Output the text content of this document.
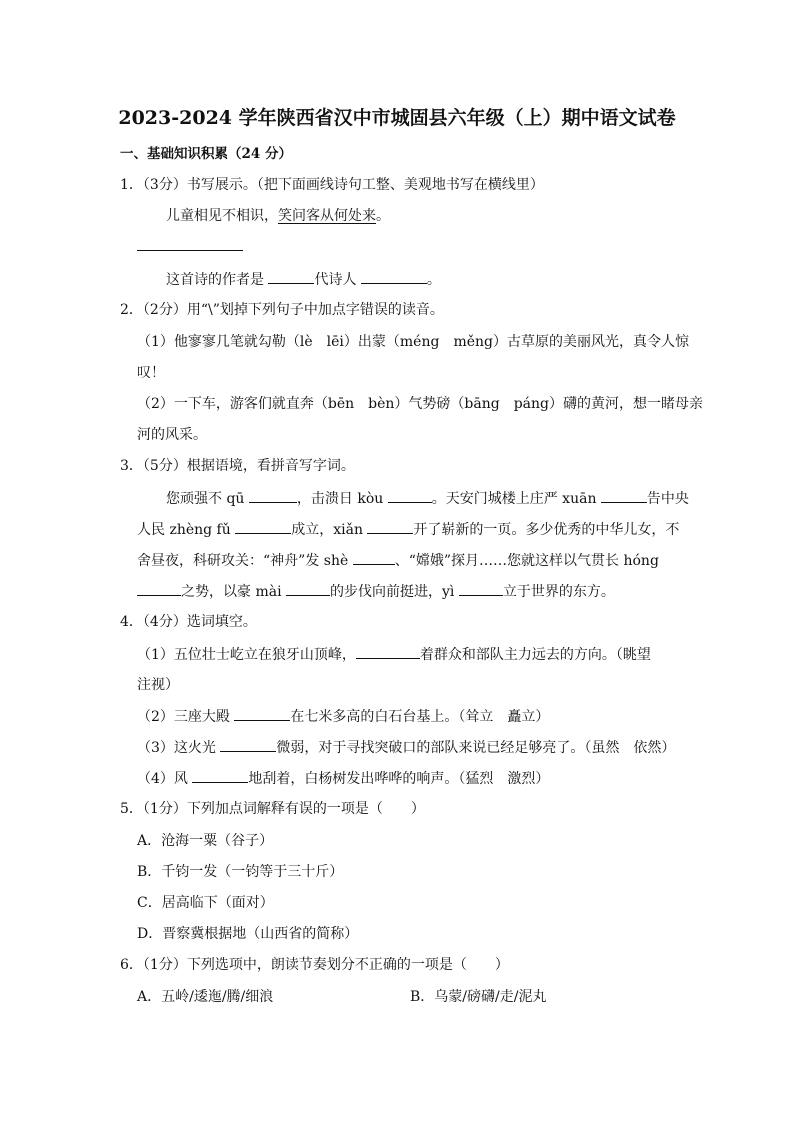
2023-2024 学年陕西省汉中市城固县六年级（上）期中语文试卷
一、基础知识积累（24 分）
1．（3分）书写展示。（把下面画线诗句工整、美观地书写在横线里）
儿童相见不相识，笑问客从何处来。
这首诗的作者是	代诗人	。
2．（2分）用“\”划掉下列句子中加点字错误的读音。
（1）他寥寥几笔就勾勒（lè　lēi）出蒙（méng　měng）古草原的美丽风光，真令人惊
叹！
（2）一下车，游客们就直奔（bēn　bèn）气势磅（bāng　páng）礴的黄河，想一睹母亲
河的风采。
3．（5分）根据语境，看拼音写字词。
您顽强不 qū	，击溃日 kòu	。天安门城楼上庄严 xuān	告中央
人民 zhèng fǔ	成立，xiǎn	开了崭新的一页。多少优秀的中华儿女，不
舍昼夜，科研攻关：“神舟”发 shè	、“嫦娥”探月……您就这样以气贯长 hóng
之势，以豪 mài	的步伐向前挺进，yì	立于世界的东方。
4．（4分）选词填空。
（1）五位壮士屹立在狼牙山顶峰，	着群众和部队主力远去的方向。（眺望
注视）
（2）三座大殿	在七米多高的白石台基上。（耸立　矗立）
（3）这火光	微弱，对于寻找突破口的部队来说已经足够亮了。（虽然　依然）
（4）风	地刮着，白杨树发出哗哗的响声。（猛烈　激烈）
5．（1分）下列加点词解释有误的一项是（　　）
A．沧海一粟（谷子）
B．千钧一发（一钧等于三十斤）
C．居高临下（面对）
D．晋察冀根据地（山西省的简称）
6．（1分）下列选项中，朗读节奏划分不正确的一项是（　　）
A．五岭/逶迤/腾/细浪	B．乌蒙/磅礴/走/泥丸
